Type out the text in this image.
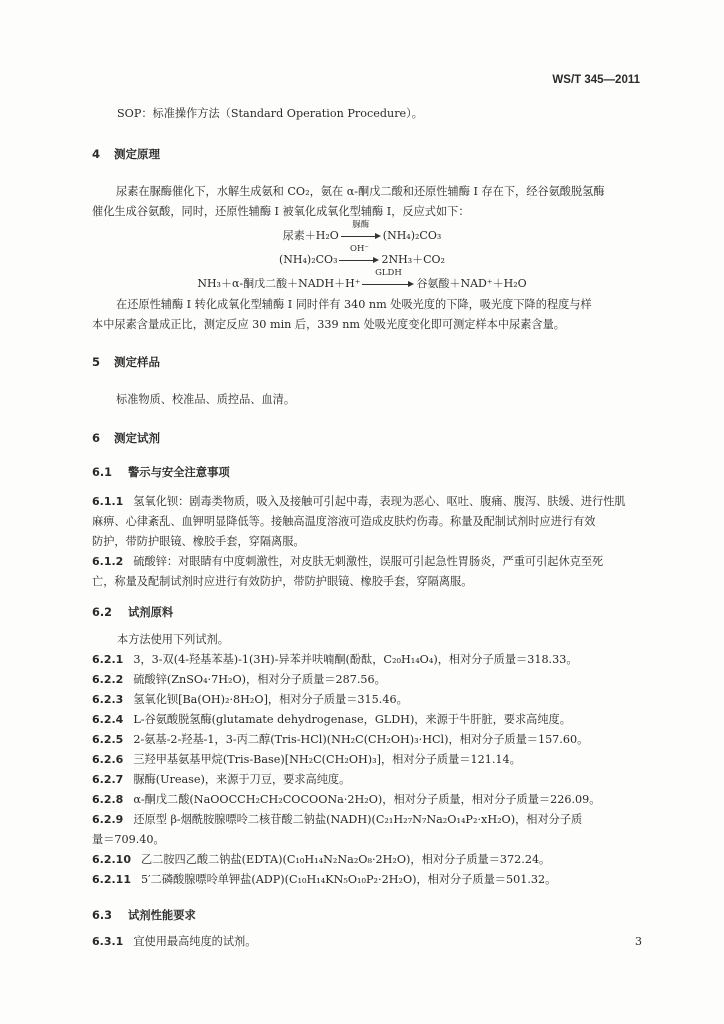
WS/T 345—2011
SOP：标准操作方法（Standard Operation Procedure）。
4 测定原理
尿素在脲酶催化下，水解生成氨和 CO₂，氨在 α-酮戊二酸和还原性辅酶 Ⅰ 存在下，经谷氨酸脱氢酶
催化生成谷氨酸，同时，还原性辅酶 Ⅰ 被氧化成氧化型辅酶 Ⅰ，反应式如下：
尿素＋H₂O
脲酶
(NH₄)₂CO₃
(NH₄)₂CO₃
OH⁻
2NH₃＋CO₂
NH₃＋α-酮戊二酸＋NADH＋H⁺
GLDH
谷氨酸＋NAD⁺＋H₂O
在还原性辅酶 Ⅰ 转化成氧化型辅酶 Ⅰ 同时伴有 340 nm 处吸光度的下降，吸光度下降的程度与样
本中尿素含量成正比，测定反应 30 min 后，339 nm 处吸光度变化即可测定样本中尿素含量。
5 测定样品
标准物质、校准品、质控品、血清。
6 测定试剂
6.1 警示与安全注意事项
6.1.1 氢氧化钡：剧毒类物质，吸入及接触可引起中毒，表现为恶心、呕吐、腹痛、腹泻、肤缓、进行性肌
麻痹、心律紊乱、血钾明显降低等。接触高温度溶液可造成皮肤灼伤毒。称量及配制试剂时应进行有效
防护，带防护眼镜、橡胶手套，穿隔离服。
6.1.2 硫酸锌：对眼睛有中度刺激性，对皮肤无刺激性，误服可引起急性胃肠炎，严重可引起休克至死
亡，称量及配制试剂时应进行有效防护，带防护眼镜、橡胶手套，穿隔离服。
6.2 试剂原料
本方法使用下列试剂。
6.2.1 3，3-双(4-羟基苯基)-1(3H)-异苯并呋喃酮(酚酞，C₂₀H₁₄O₄)，相对分子质量＝318.33。
6.2.2 硫酸锌(ZnSO₄·7H₂O)，相对分子质量＝287.56。
6.2.3 氢氧化钡[Ba(OH)₂·8H₂O]，相对分子质量＝315.46。
6.2.4 L-谷氨酸脱氢酶(glutamate dehydrogenase，GLDH)，来源于牛肝脏，要求高纯度。
6.2.5 2-氨基-2-羟基-1，3-丙二醇(Tris-HCl)(NH₂C(CH₂OH)₃·HCl)，相对分子质量＝157.60。
6.2.6 三羟甲基氨基甲烷(Tris-Base)[NH₂C(CH₂OH)₃]，相对分子质量＝121.14。
6.2.7 脲酶(Urease)，来源于刀豆，要求高纯度。
6.2.8 α-酮戊二酸(NaOOCCH₂CH₂COCOONa·2H₂O)，相对分子质量，相对分子质量＝226.09。
6.2.9 还原型 β-烟酰胺腺嘌呤二核苷酸二钠盐(NADH)(C₂₁H₂₇N₇Na₂O₁₄P₂·xH₂O)，相对分子质
量＝709.40。
6.2.10 乙二胺四乙酸二钠盐(EDTA)(C₁₀H₁₄N₂Na₂O₈·2H₂O)，相对分子质量＝372.24。
6.2.11 5′二磷酸腺嘌呤单钾盐(ADP)(C₁₀H₁₄KN₅O₁₀P₂·2H₂O)，相对分子质量＝501.32。
6.3 试剂性能要求
6.3.1 宜使用最高纯度的试剂。	3
